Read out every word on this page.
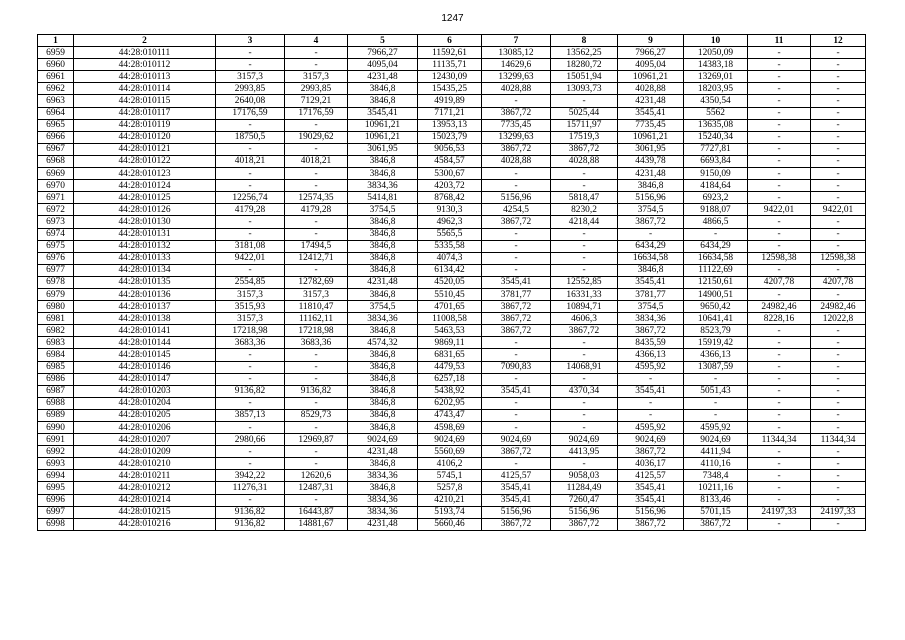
1247
1	2	3	4	5	6	7	8	9	10	11	12
6959	44:28:010111	-	-	7966,27	11592,61	13085,12	13562,25	7966,27	12050,09	-	-
6960	44:28:010112	-	-	4095,04	11135,71	14629,6	18280,72	4095,04	14383,18	-	-
6961	44:28:010113	3157,3	3157,3	4231,48	12430,09	13299,63	15051,94	10961,21	13269,01	-	-
6962	44:28:010114	2993,85	2993,85	3846,8	15435,25	4028,88	13093,73	4028,88	18203,95	-	-
6963	44:28:010115	2640,08	7129,21	3846,8	4919,89	-	-	4231,48	4350,54	-	-
6964	44:28:010117	17176,59	17176,59	3545,41	7171,21	3867,72	5025,44	3545,41	5562	-	-
6965	44:28:010119	-	-	10961,21	13953,13	7735,45	15711,97	7735,45	13635,08	-	-
6966	44:28:010120	18750,5	19029,62	10961,21	15023,79	13299,63	17519,3	10961,21	15240,34	-	-
6967	44:28:010121	-	-	3061,95	9056,53	3867,72	3867,72	3061,95	7727,81	-	-
6968	44:28:010122	4018,21	4018,21	3846,8	4584,57	4028,88	4028,88	4439,78	6693,84	-	-
6969	44:28:010123	-	-	3846,8	5300,67	-	-	4231,48	9150,09	-	-
6970	44:28:010124	-	-	3834,36	4203,72	-	-	3846,8	4184,64	-	-
6971	44:28:010125	12256,74	12574,35	5414,81	8768,42	5156,96	5818,47	5156,96	6923,2	-	-
6972	44:28:010126	4179,28	4179,28	3754,5	9130,3	4254,5	8230,2	3754,5	9188,07	9422,01	9422,01
6973	44:28:010130	-	-	3846,8	4962,3	3867,72	4218,44	3867,72	4866,5	-	-
6974	44:28:010131	-	-	3846,8	5565,5	-	-	-	-	-	-
6975	44:28:010132	3181,08	17494,5	3846,8	5335,58	-	-	6434,29	6434,29	-	-
6976	44:28:010133	9422,01	12412,71	3846,8	4074,3	-	-	16634,58	16634,58	12598,38	12598,38
6977	44:28:010134	-	-	3846,8	6134,42	-	-	3846,8	11122,69	-	-
6978	44:28:010135	2554,85	12782,69	4231,48	4520,05	3545,41	12552,85	3545,41	12150,61	4207,78	4207,78
6979	44:28:010136	3157,3	3157,3	3846,8	5510,45	3781,77	16331,33	3781,77	14900,51	-	-
6980	44:28:010137	3515,93	11810,47	3754,5	4701,65	3867,72	10894,71	3754,5	9650,42	24982,46	24982,46
6981	44:28:010138	3157,3	11162,11	3834,36	11008,58	3867,72	4606,3	3834,36	10641,41	8228,16	12022,8
6982	44:28:010141	17218,98	17218,98	3846,8	5463,53	3867,72	3867,72	3867,72	8523,79	-	-
6983	44:28:010144	3683,36	3683,36	4574,32	9869,11	-	-	8435,59	15919,42	-	-
6984	44:28:010145	-	-	3846,8	6831,65	-	-	4366,13	4366,13	-	-
6985	44:28:010146	-	-	3846,8	4479,53	7090,83	14068,91	4595,92	13087,59	-	-
6986	44:28:010147	-	-	3846,8	6257,18	-	-	-	-	-	-
6987	44:28:010203	9136,82	9136,82	3846,8	5438,92	3545,41	4370,34	3545,41	5051,43	-	-
6988	44:28:010204	-	-	3846,8	6202,95	-	-	-	-	-	-
6989	44:28:010205	3857,13	8529,73	3846,8	4743,47	-	-	-	-	-	-
6990	44:28:010206	-	-	3846,8	4598,69	-	-	4595,92	4595,92	-	-
6991	44:28:010207	2980,66	12969,87	9024,69	9024,69	9024,69	9024,69	9024,69	9024,69	11344,34	11344,34
6992	44:28:010209	-	-	4231,48	5560,69	3867,72	4413,95	3867,72	4411,94	-	-
6993	44:28:010210	-	-	3846,8	4106,2	-	-	4036,17	4110,16	-	-
6994	44:28:010211	3942,22	12620,6	3834,36	5745,1	4125,57	9058,03	4125,57	7348,4	-	-
6995	44:28:010212	11276,31	12487,31	3846,8	5257,8	3545,41	11284,49	3545,41	10211,16	-	-
6996	44:28:010214	-	-	3834,36	4210,21	3545,41	7260,47	3545,41	8133,46	-	-
6997	44:28:010215	9136,82	16443,87	3834,36	5193,74	5156,96	5156,96	5156,96	5701,15	24197,33	24197,33
6998	44:28:010216	9136,82	14881,67	4231,48	5660,46	3867,72	3867,72	3867,72	3867,72	-	-
